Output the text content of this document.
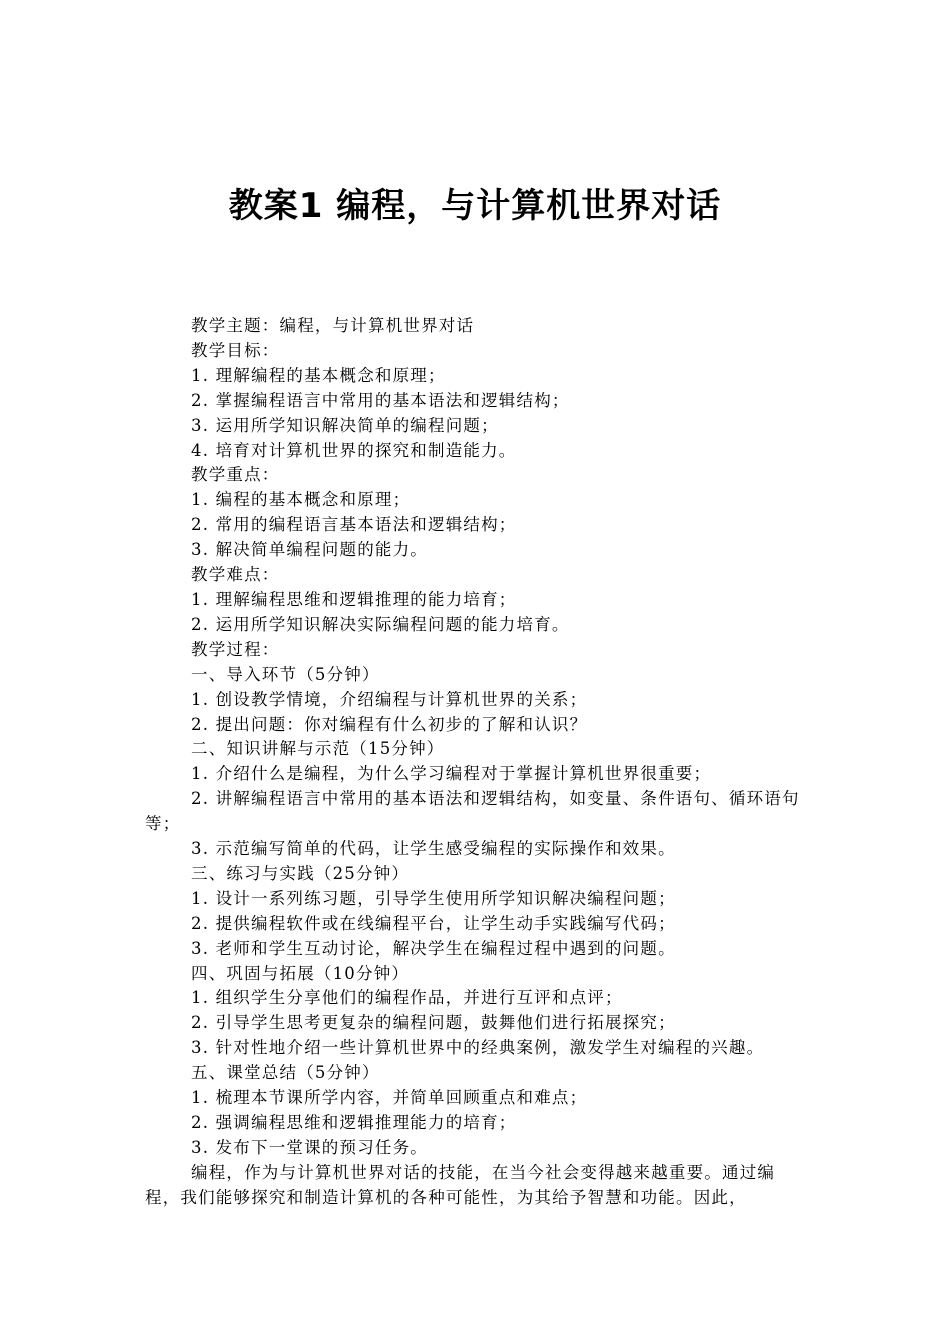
教案1 编程，与计算机世界对话

教学主题：编程，与计算机世界对话

教学目标：

1. 理解编程的基本概念和原理；

2. 掌握编程语言中常用的基本语法和逻辑结构；

3. 运用所学知识解决简单的编程问题；

4. 培育对计算机世界的探究和制造能力。

教学重点：

1. 编程的基本概念和原理；

2. 常用的编程语言基本语法和逻辑结构；

3. 解决简单编程问题的能力。

教学难点：

1. 理解编程思维和逻辑推理的能力培育；

2. 运用所学知识解决实际编程问题的能力培育。

教学过程：

一、导入环节（5分钟）

1. 创设教学情境，介绍编程与计算机世界的关系；

2. 提出问题：你对编程有什么初步的了解和认识？

二、知识讲解与示范（15分钟）

1. 介绍什么是编程，为什么学习编程对于掌握计算机世界很重要；

2. 讲解编程语言中常用的基本语法和逻辑结构，如变量、条件语句、循环语句等；

3. 示范编写简单的代码，让学生感受编程的实际操作和效果。

三、练习与实践（25分钟）

1. 设计一系列练习题，引导学生使用所学知识解决编程问题；

2. 提供编程软件或在线编程平台，让学生动手实践编写代码；

3. 老师和学生互动讨论，解决学生在编程过程中遇到的问题。

四、巩固与拓展（10分钟）

1. 组织学生分享他们的编程作品，并进行互评和点评；

2. 引导学生思考更复杂的编程问题，鼓舞他们进行拓展探究；

3. 针对性地介绍一些计算机世界中的经典案例，激发学生对编程的兴趣。

五、课堂总结（5分钟）

1. 梳理本节课所学内容，并简单回顾重点和难点；

2. 强调编程思维和逻辑推理能力的培育；

3. 发布下一堂课的预习任务。

编程，作为与计算机世界对话的技能，在当今社会变得越来越重要。通过编程，我们能够探究和制造计算机的各种可能性，为其给予智慧和功能。因此，
